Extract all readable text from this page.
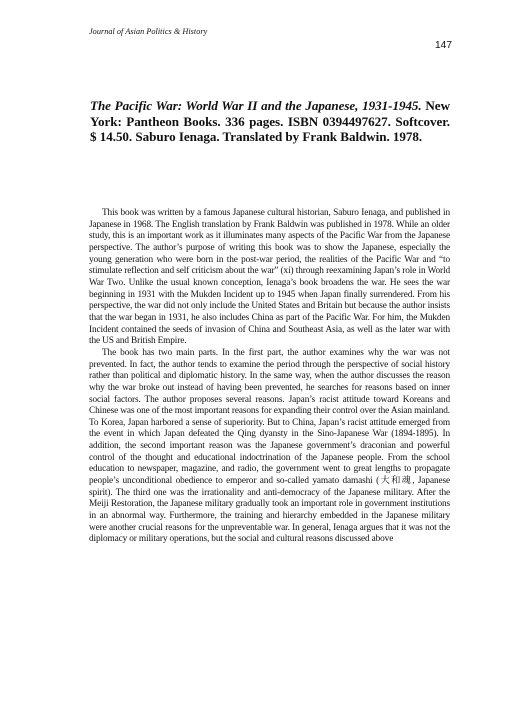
Journal of Asian Politics & History
147
The Pacific War: World War II and the Japanese, 1931-1945. New York: Pantheon Books. 336 pages. ISBN 0394497627. Softcover. $ 14.50. Saburo Ienaga. Translated by Frank Baldwin. 1978.

This book was written by a famous Japanese cultural historian, Saburo Ienaga, and published in Japanese in 1968. The English translation by Frank Baldwin was published in 1978. While an older study, this is an important work as it illuminates many aspects of the Pacific War from the Japanese perspective. The author’s purpose of writing this book was to show the Japanese, especially the young generation who were born in the post-war period, the realities of the Pacific War and “to stimulate reflection and self criticism about the war” (xi) through reexamining Japan’s role in World War Two. Unlike the usual known conception, Ienaga’s book broadens the war. He sees the war beginning in 1931 with the Mukden Incident up to 1945 when Japan finally surrendered. From his perspective, the war did not only include the United States and Britain but because the author insists that the war began in 1931, he also includes China as part of the Pacific War. For him, the Mukden Incident contained the seeds of invasion of China and Southeast Asia, as well as the later war with the US and British Empire.

The book has two main parts. In the first part, the author examines why the war was not prevented. In fact, the author tends to examine the period through the perspective of social history rather than political and diplomatic history. In the same way, when the author discusses the reason why the war broke out instead of having been prevented, he searches for reasons based on inner social factors. The author proposes several reasons. Japan’s racist attitude toward Koreans and Chinese was one of the most important reasons for expanding their control over the Asian mainland. To Korea, Japan harbored a sense of superiority. But to China, Japan’s racist attitude emerged from the event in which Japan defeated the Qing dyansty in the Sino-Japanese War (1894-1895). In addition, the second important reason was the Japanese government’s draconian and powerful control of the thought and educational indoctrination of the Japanese people. From the school education to newspaper, magazine, and radio, the government went to great lengths to propagate people’s unconditional obedience to emperor and so-called yamato damashi (大和魂, Japanese spirit). The third one was the irrationality and anti-democracy of the Japanese military. After the Meiji Restoration, the Japanese military gradually took an important role in government institutions in an abnormal way. Furthermore, the training and hierarchy embedded in the Japanese military were another crucial reasons for the unpreventable war. In general, Ienaga argues that it was not the diplomacy or military operations, but the social and cultural reasons discussed above
